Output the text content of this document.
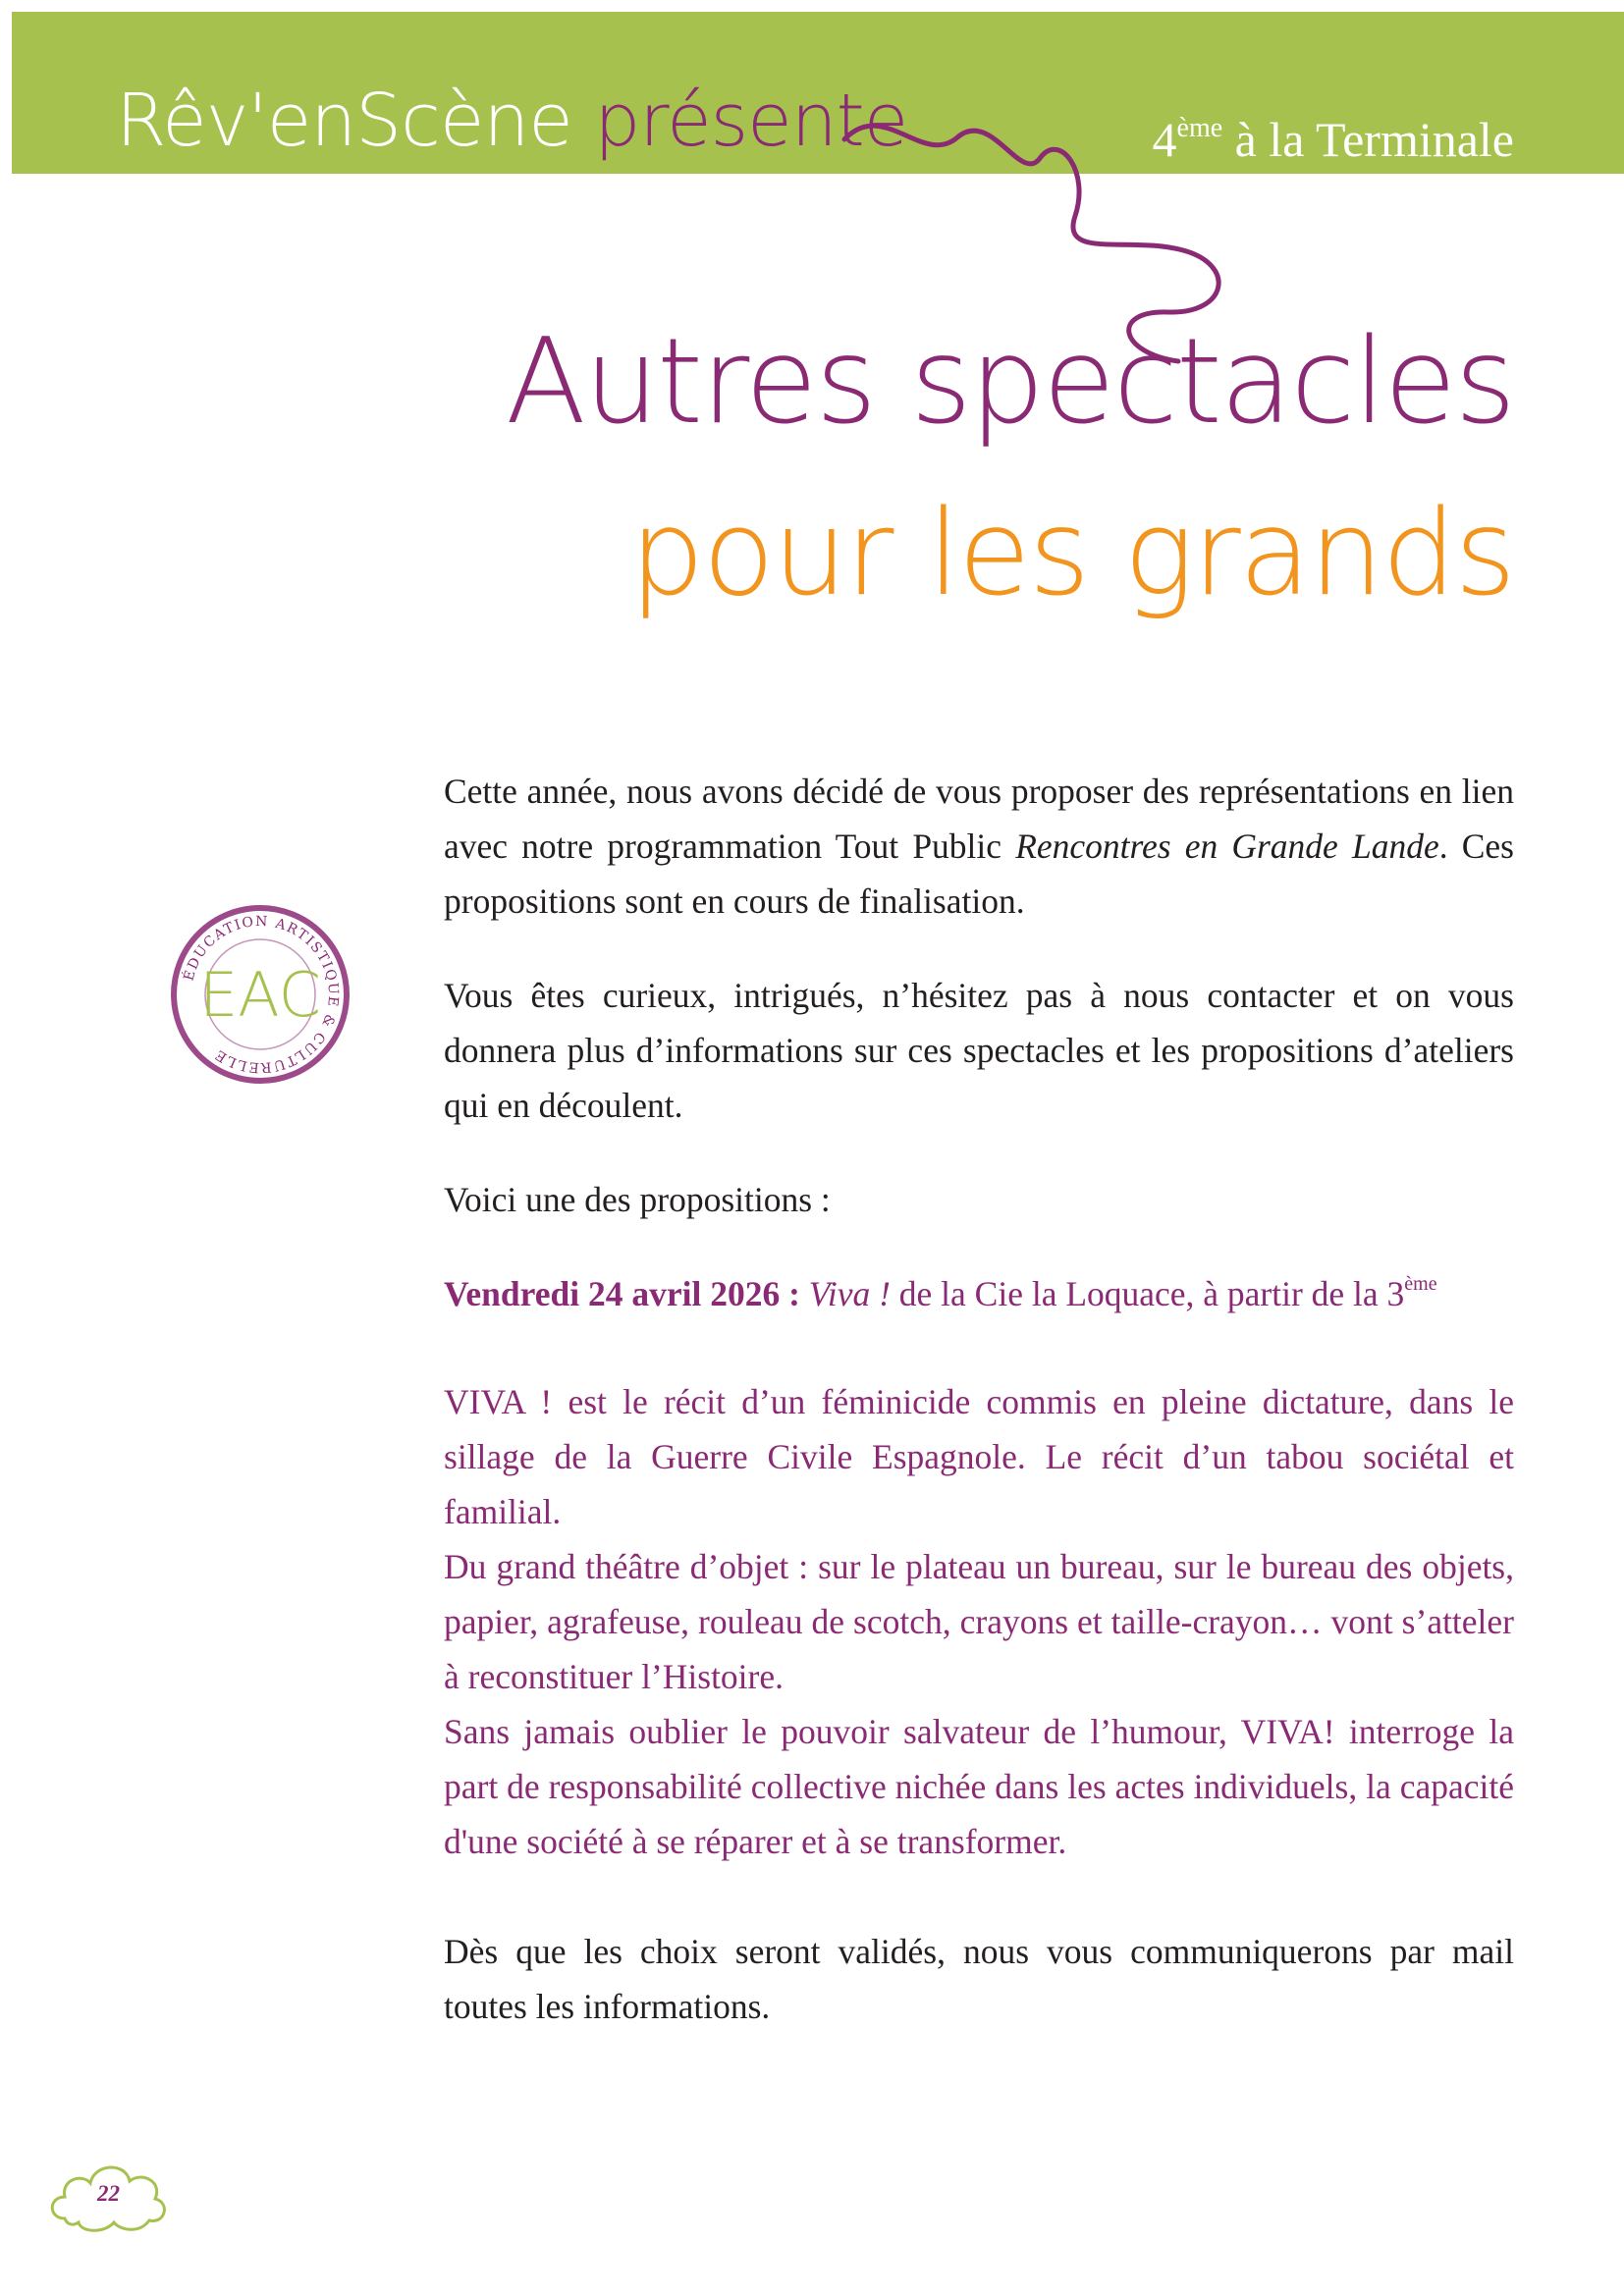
Rêv'enScène présente	4ème à la Terminale
Autres spectacles
pour les grands
ÉDUCATION ARTISTIQUE & CULTURELLE
EAC

Cette année, nous avons décidé de vous proposer des représentations en lien avec notre programmation Tout Public Rencontres en Grande Lande. Ces propositions sont en cours de finalisation.

Vous êtes curieux, intrigués, n’hésitez pas à nous contacter et on vous donnera plus d’informations sur ces spectacles et les propositions d’ateliers qui en découlent.

Voici une des propositions :

Vendredi 24 avril 2026 : Viva ! de la Cie la Loquace, à partir de la 3ème

VIVA ! est le récit d’un féminicide commis en pleine dictature, dans le sillage de la Guerre Civile Espagnole. Le récit d’un tabou sociétal et familial.
Du grand théâtre d’objet : sur le plateau un bureau, sur le bureau des objets, papier, agrafeuse, rouleau de scotch, crayons et taille-crayon… vont s’atteler à reconstituer l’Histoire.
Sans jamais oublier le pouvoir salvateur de l’humour, VIVA! interroge la part de responsabilité collective nichée dans les actes individuels, la capacité d'une société à se réparer et à se transformer.

Dès que les choix seront validés, nous vous communiquerons par mail toutes les informations.

22
